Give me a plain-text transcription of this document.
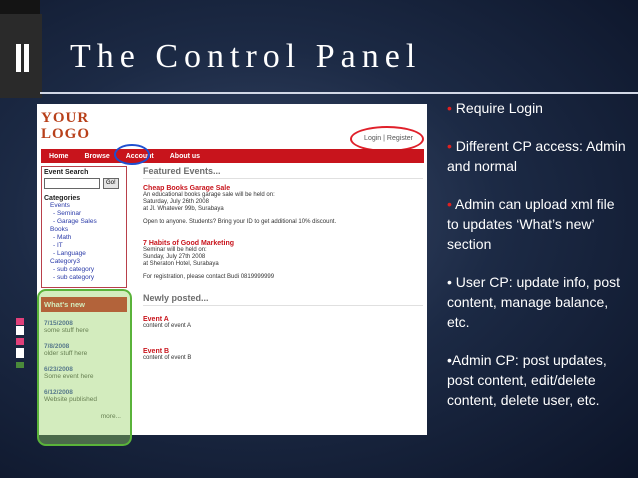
The Control Panel
YOUR
LOGO	Login | Register
Home	Browse	Account	About us
Event Search
Go!
Categories
Events
- Seminar
- Garage Sales
Books
- Math
- IT
- Language
Category3
- sub category
- sub category
What's new
7/15/2008
some stuff here
7/8/2008
older stuff here
6/23/2008
Some event here
6/12/2008
Website published
more...
Featured Events...
Cheap Books Garage Sale
An educational books garage sale will be held on:
Saturday, July 26th 2008
at Jl. Whatever 99b, Surabaya
Open to anyone. Students? Bring your ID to get additional 10% discount.
7 Habits of Good Marketing
Seminar will be held on:
Sunday, July 27th 2008
at Sheraton Hotel, Surabaya
For registration, please contact Budi 0819999999
Newly posted...
Event A
content of event A
Event B
content of event B
• Require Login
• Different CP access: Admin and normal
• Admin can upload xml file to updates ‘What’s new’ section
• User CP: update info, post content, manage balance, etc.
•Admin CP: post updates, post content, edit/delete content, delete user, etc.
